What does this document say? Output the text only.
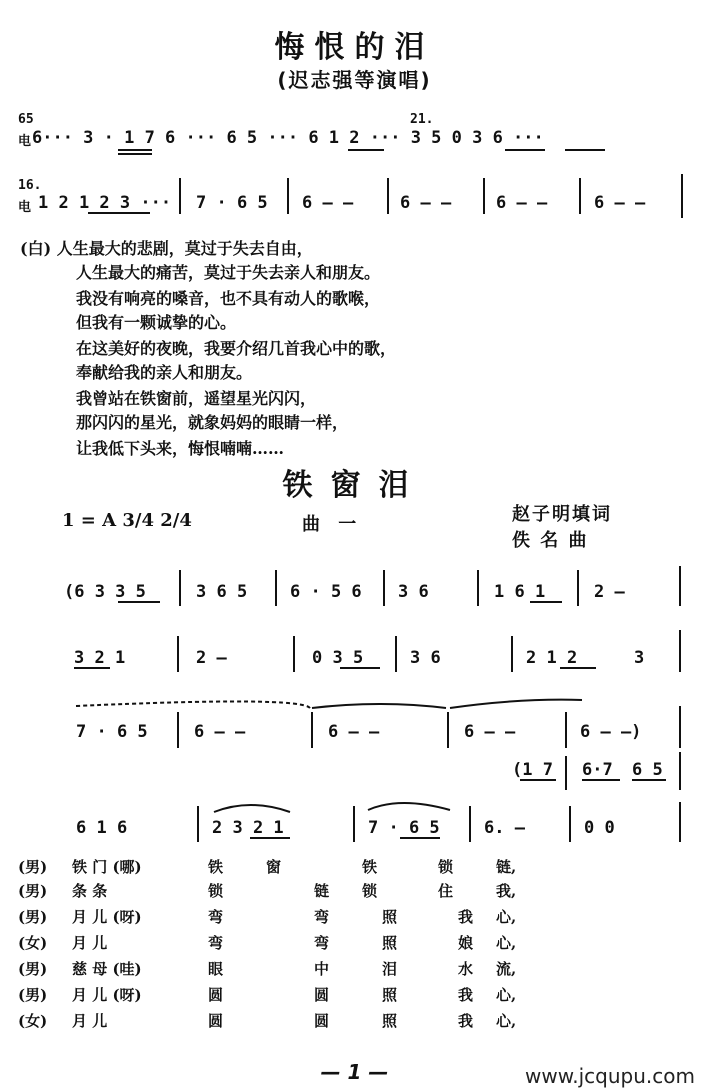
悔恨的泪
(迟志强等演唱)
65
电
21.
6··· 3 · 1 7 6 ··· 6 5 ··· 6 1 2 ··· 3 5 0 3 6 ···
16.
电 1 2 1 2 3 ··· 7 · 6 5 6 — —	6 — —	6 — —	6 — —
(白) 人生最大的悲剧，莫过于失去自由，
人生最大的痛苦，莫过于失去亲人和朋友。
我没有响亮的嗓音，也不具有动人的歌喉，
但我有一颗诚挚的心。
在这美好的夜晚，我要介绍几首我心中的歌，
奉献给我的亲人和朋友。
我曾站在铁窗前，遥望星光闪闪，
那闪闪的星光，就象妈妈的眼睛一样，
让我低下头来，悔恨喃喃……
铁窗泪
1 = A 3/4 2/4	曲 一	赵子明填词
佚 名 曲
(6 3 3 5	3 6 5	6 · 5 6 3 6	1 6 1	2 —
3 2 1	2 —	0 3 5	3 6	2 1 2	3
7 · 6 5	6 — —	6 — —	6 — —	6 — —)
(1 7 6·7 6 5
6 1 6	2 3 2 1	7 · 6 5	6. —	0 0
(男) 铁 门 (哪)	铁	窗	铁	锁	链,
(男) 条 条	锁	链 锁	住	我,
(男) 月 儿 (呀)	弯	弯	照	我 心,
(女) 月 儿	弯	弯	照	娘 心,
(男) 慈 母 (哇)	眼	中	泪	水 流,
(男) 月 儿 (呀)	圆	圆	照	我 心,
(女) 月 儿	圆	圆	照	我 心,
— 1 —	www.jcqupu.com
